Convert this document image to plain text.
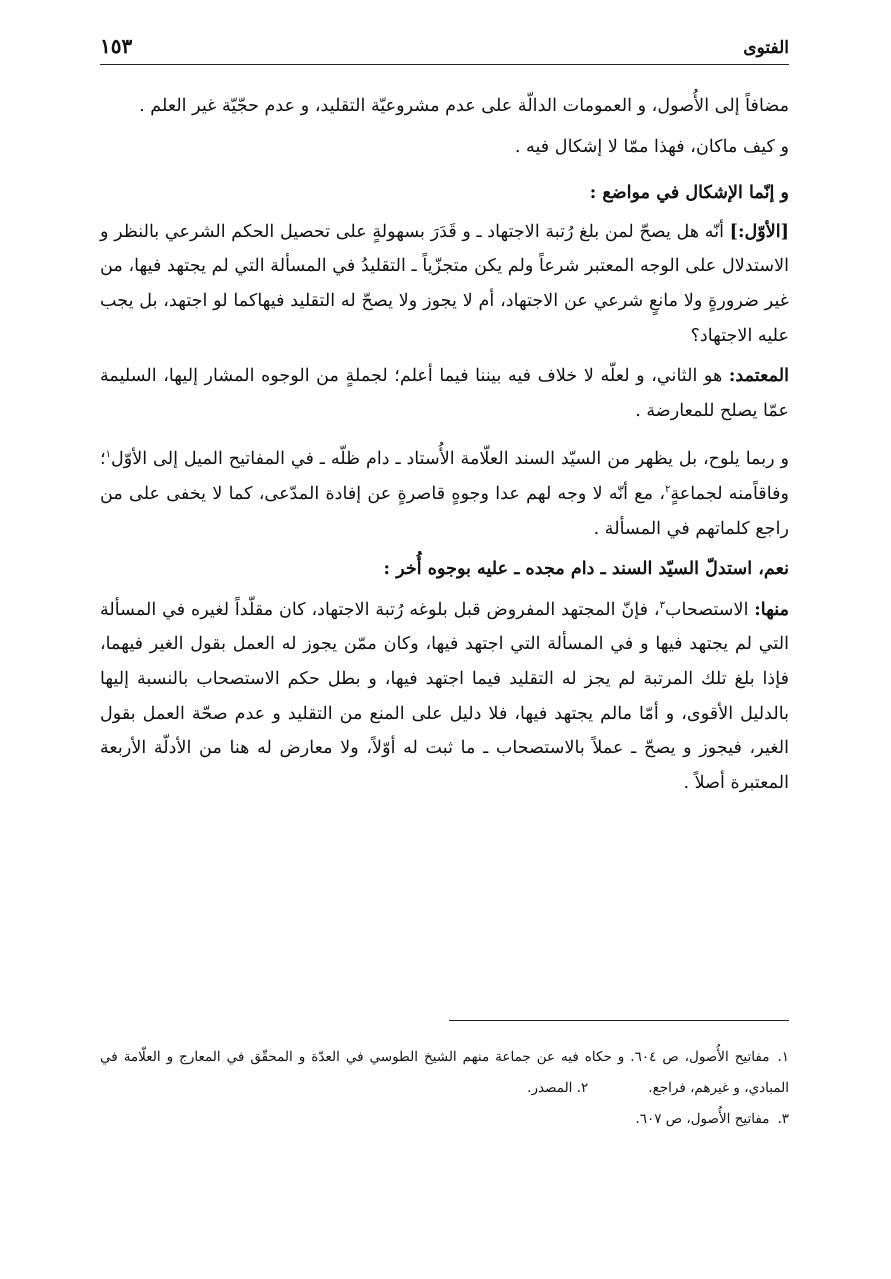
الفتوى
١٥٣

مضافاً إلى الأُصول، و العمومات الدالّة على عدم مشروعيّة التقليد، و عدم حجّيّة غير العلم .

و كيف ماكان، فهذا ممّا لا إشكال فيه .

و إنّما الإشكال في مواضع :

[الأوّل:] أنّه هل يصحّ لمن بلغ رُتبة الاجتهاد ـ و قَدَرَ بسهولةٍ على تحصيل الحكم الشرعي بالنظر و الاستدلال على الوجه المعتبر شرعاً ولم يكن متجزّياً ـ التقليدُ في المسألة التي لم يجتهد فيها، من غير ضرورةٍ ولا مانعٍ شرعي عن الاجتهاد، أم لا يجوز ولا يصحّ له التقليد فيهاكما لو اجتهد، بل يجب عليه الاجتهاد؟

المعتمد: هو الثاني، و لعلّه لا خلاف فيه بيننا فيما أعلم؛ لجملةٍ من الوجوه المشار إليها، السليمة عمّا يصلح للمعارضة .

و ربما يلوح، بل يظهر من السيّد السند العلّامة الأُستاد ـ دام ظلّه ـ في المفاتيح الميل إلى الأوّل$^١$؛ وفاقاًمنه لجماعةٍ$^٢$، مع أنّه لا وجه لهم عدا وجوهٍ قاصرةٍ عن إفادة المدّعى، كما لا يخفى على من راجع كلماتهم في المسألة .

نعم، استدلّ السيّد السند ـ دام مجده ـ عليه بوجوه أُخر :

منها: الاستصحاب$^٣$، فإنّ المجتهد المفروض قبل بلوغه رُتبة الاجتهاد، كان مقلّداً لغيره في المسألة التي لم يجتهد فيها و في المسألة التي اجتهد فيها، وكان ممّن يجوز له العمل بقول الغير فيهما، فإذا بلغ تلك المرتبة لم يجز له التقليد فيما اجتهد فيها، و بطل حكم الاستصحاب بالنسبة إليها بالدليل الأقوى، و أمّا مالم يجتهد فيها، فلا دليل على المنع من التقليد و عدم صحّة العمل بقول الغير، فيجوز و يصحّ ـ عملاً بالاستصحاب ـ ما ثبت له أوّلاً، ولا معارض له هنا من الأدلّة الأربعة المعتبرة أصلاً .

١.مفاتيح الأُصول، ص ٦٠٤. و حكاه فيه عن جماعة منهم الشيخ الطوسي في العدّة و المحقّق في المعارج و العلّامة في المبادي، و غيرهم، فراجع.٢. المصدر.

٣.مفاتيح الأُصول، ص ٦٠٧.
